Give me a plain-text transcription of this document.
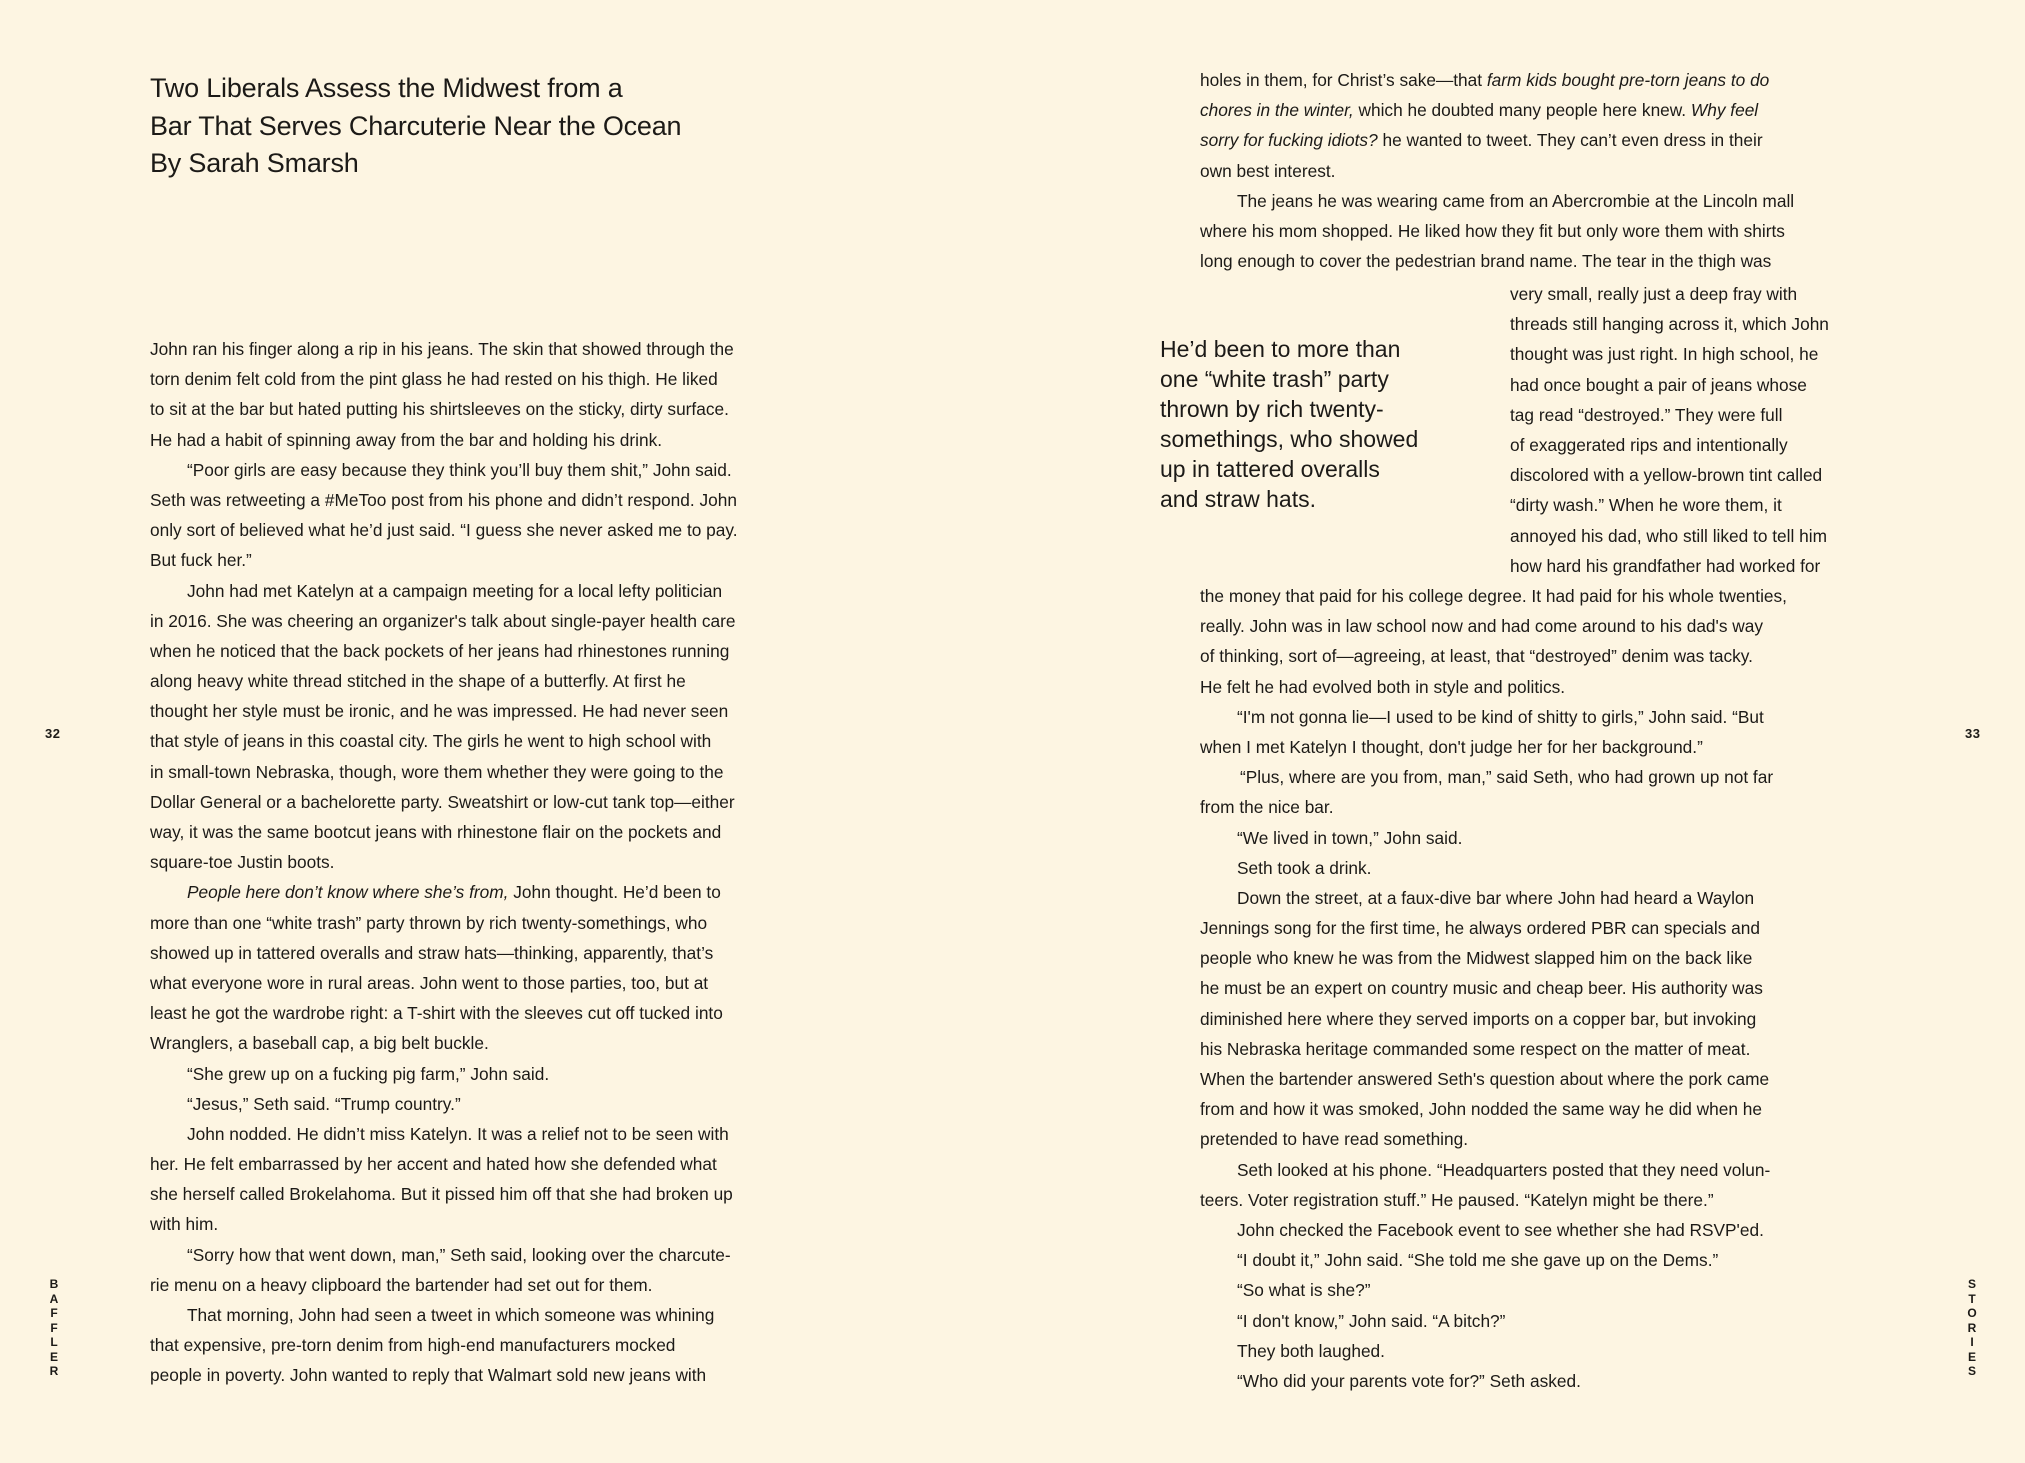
32	33
B
A
F
F
L
E
R
S
T
O
R
I
E
S
Two Liberals Assess the Midwest from a
Bar That Serves Charcuterie Near the Ocean
By Sarah Smarsh
John ran his finger along a rip in his jeans. The skin that showed through the
torn denim felt cold from the pint glass he had rested on his thigh. He liked
to sit at the bar but hated putting his shirtsleeves on the sticky, dirty surface.
He had a habit of spinning away from the bar and holding his drink.
“Poor girls are easy because they think you’ll buy them shit,” John said.
Seth was retweeting a #MeToo post from his phone and didn’t respond. John
only sort of believed what he’d just said. “I guess she never asked me to pay.
But fuck her.”
John had met Katelyn at a campaign meeting for a local lefty politician
in 2016. She was cheering an organizer's talk about single-payer health care
when he noticed that the back pockets of her jeans had rhinestones running
along heavy white thread stitched in the shape of a butterfly. At first he
thought her style must be ironic, and he was impressed. He had never seen
that style of jeans in this coastal city. The girls he went to high school with
in small-town Nebraska, though, wore them whether they were going to the
Dollar General or a bachelorette party. Sweatshirt or low-cut tank top—either
way, it was the same bootcut jeans with rhinestone flair on the pockets and
square-toe Justin boots.
People here don’t know where she’s from, John thought. He’d been to
more than one “white trash” party thrown by rich twenty-somethings, who
showed up in tattered overalls and straw hats—thinking, apparently, that’s
what everyone wore in rural areas. John went to those parties, too, but at
least he got the wardrobe right: a T-shirt with the sleeves cut off tucked into
Wranglers, a baseball cap, a big belt buckle.
“She grew up on a fucking pig farm,” John said.
“Jesus,” Seth said. “Trump country.”
John nodded. He didn’t miss Katelyn. It was a relief not to be seen with
her. He felt embarrassed by her accent and hated how she defended what
she herself called Brokelahoma. But it pissed him off that she had broken up
with him.
“Sorry how that went down, man,” Seth said, looking over the charcute-
rie menu on a heavy clipboard the bartender had set out for them.
That morning, John had seen a tweet in which someone was whining
that expensive, pre-torn denim from high-end manufacturers mocked
people in poverty. John wanted to reply that Walmart sold new jeans with
holes in them, for Christ’s sake—that farm kids bought pre-torn jeans to do
chores in the winter, which he doubted many people here knew. Why feel
sorry for fucking idiots? he wanted to tweet. They can’t even dress in their
own best interest.
The jeans he was wearing came from an Abercrombie at the Lincoln mall
where his mom shopped. He liked how they fit but only wore them with shirts
long enough to cover the pedestrian brand name. The tear in the thigh was
very small, really just a deep fray with
threads still hanging across it, which John
thought was just right. In high school, he
had once bought a pair of jeans whose
tag read “destroyed.” They were full
of exaggerated rips and intentionally
discolored with a yellow-brown tint called
“dirty wash.” When he wore them, it
annoyed his dad, who still liked to tell him
how hard his grandfather had worked for
the money that paid for his college degree. It had paid for his whole twenties,
really. John was in law school now and had come around to his dad's way
of thinking, sort of—agreeing, at least, that “destroyed” denim was tacky.
He felt he had evolved both in style and politics.
“I'm not gonna lie—I used to be kind of shitty to girls,” John said. “But
when I met Katelyn I thought, don't judge her for her background.”
“Plus, where are you from, man,” said Seth, who had grown up not far
from the nice bar.
“We lived in town,” John said.
Seth took a drink.
Down the street, at a faux-dive bar where John had heard a Waylon
Jennings song for the first time, he always ordered PBR can specials and
people who knew he was from the Midwest slapped him on the back like
he must be an expert on country music and cheap beer. His authority was
diminished here where they served imports on a copper bar, but invoking
his Nebraska heritage commanded some respect on the matter of meat.
When the bartender answered Seth's question about where the pork came
from and how it was smoked, John nodded the same way he did when he
pretended to have read something.
Seth looked at his phone. “Headquarters posted that they need volun-
teers. Voter registration stuff.” He paused. “Katelyn might be there.”
John checked the Facebook event to see whether she had RSVP'ed.
“I doubt it,” John said. “She told me she gave up on the Dems.”
“So what is she?”
“I don't know,” John said. “A bitch?”
They both laughed.
“Who did your parents vote for?” Seth asked.
He’d been to more than
one “white trash” party
thrown by rich twenty-
somethings, who showed
up in tattered overalls
and straw hats.
